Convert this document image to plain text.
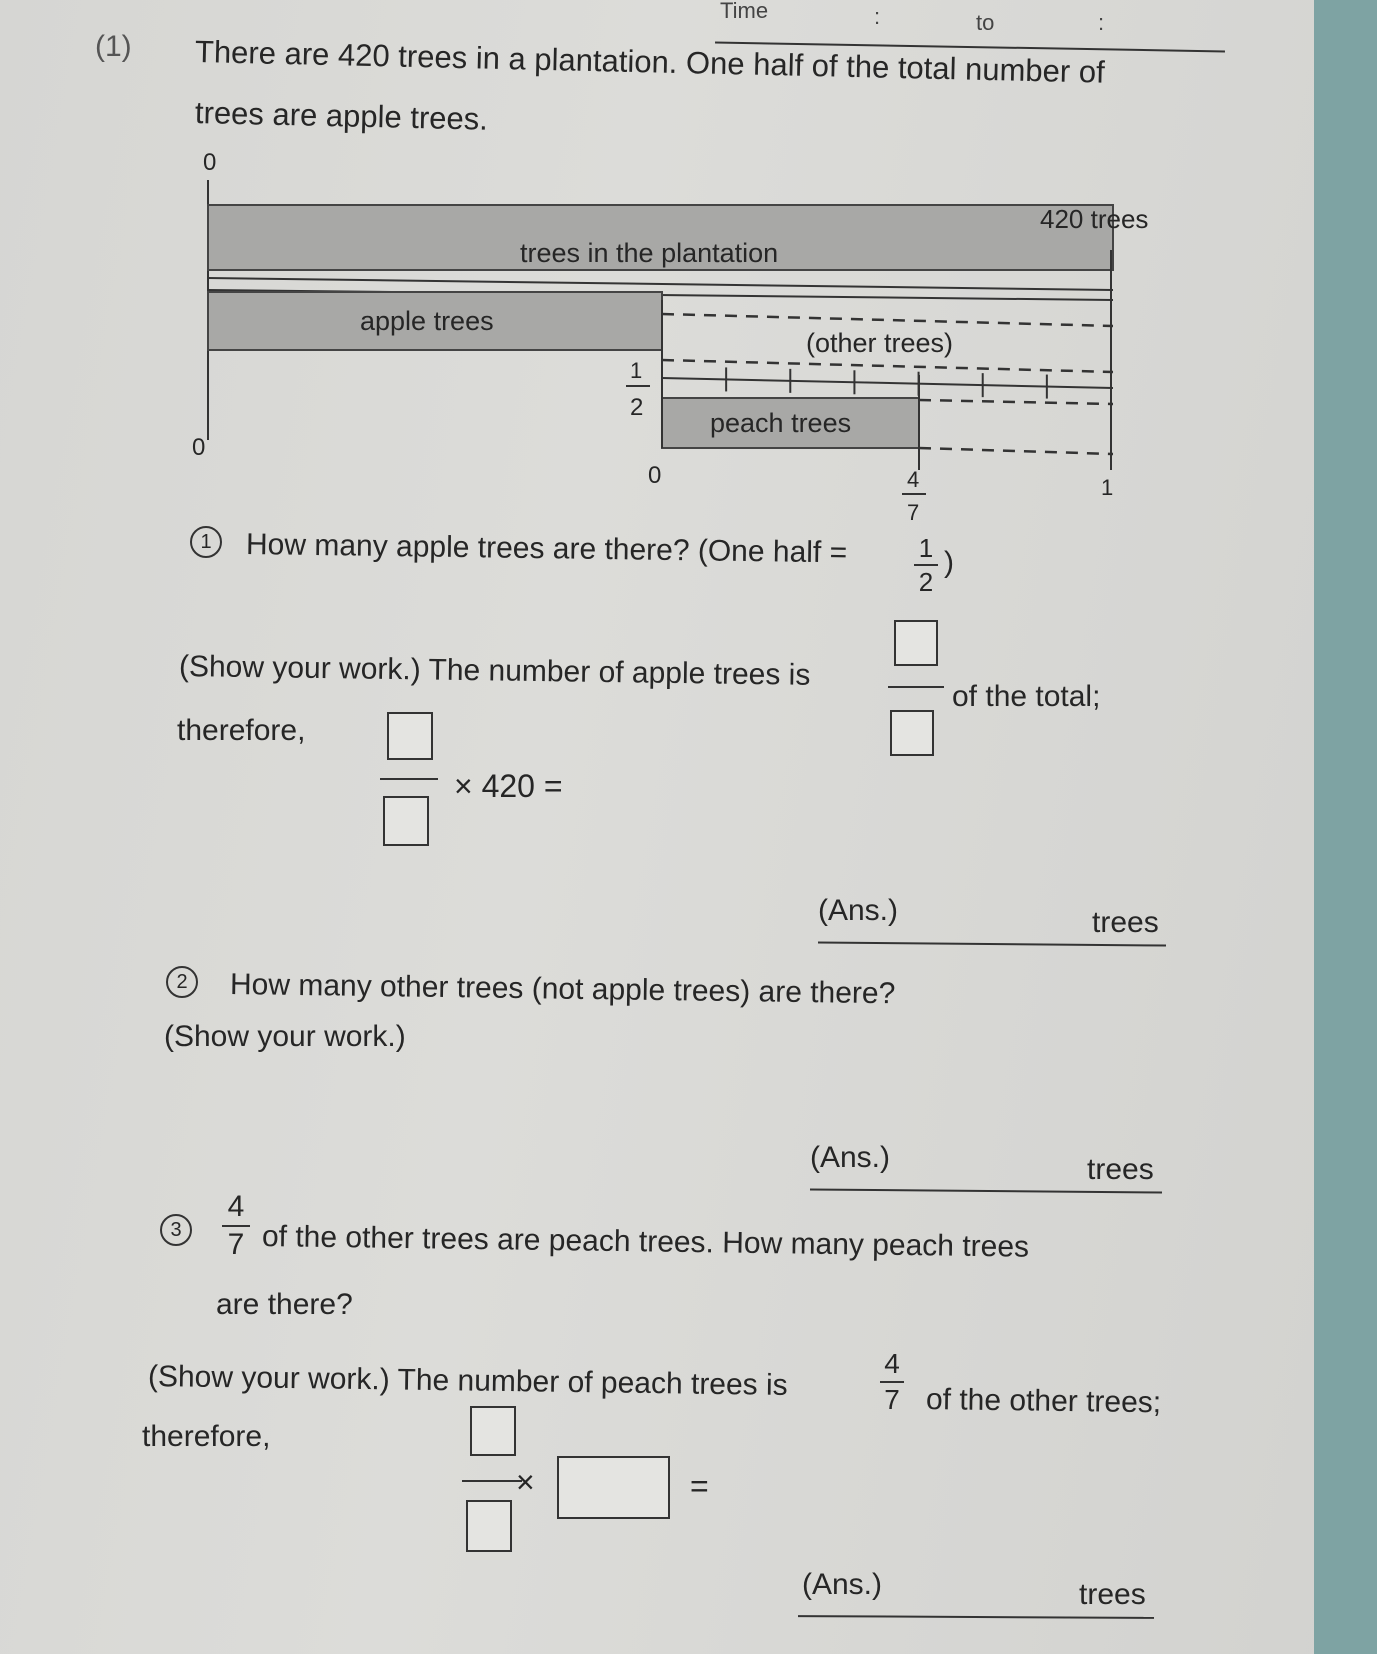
Time	:	to	:
(1) There are 420 trees in a plantation. One half of the total number of
trees are apple trees.
0
420 trees
trees in the plantation
apple trees
(other trees)
1
2
peach trees
0
0	4
7
1
1	How many apple trees are there? (One half =	1
2
)
(Show your work.) The number of apple trees is
of the total;
therefore,
× 420 =
(Ans.)	trees
2	How many other trees (not apple trees) are there?
(Show your work.)
(Ans.)	trees
3
4
7 of the other trees are peach trees. How many peach trees
are there?
(Show your work.) The number of peach trees is	4
7 of the other trees;
therefore,
×	=
(Ans.)	trees
